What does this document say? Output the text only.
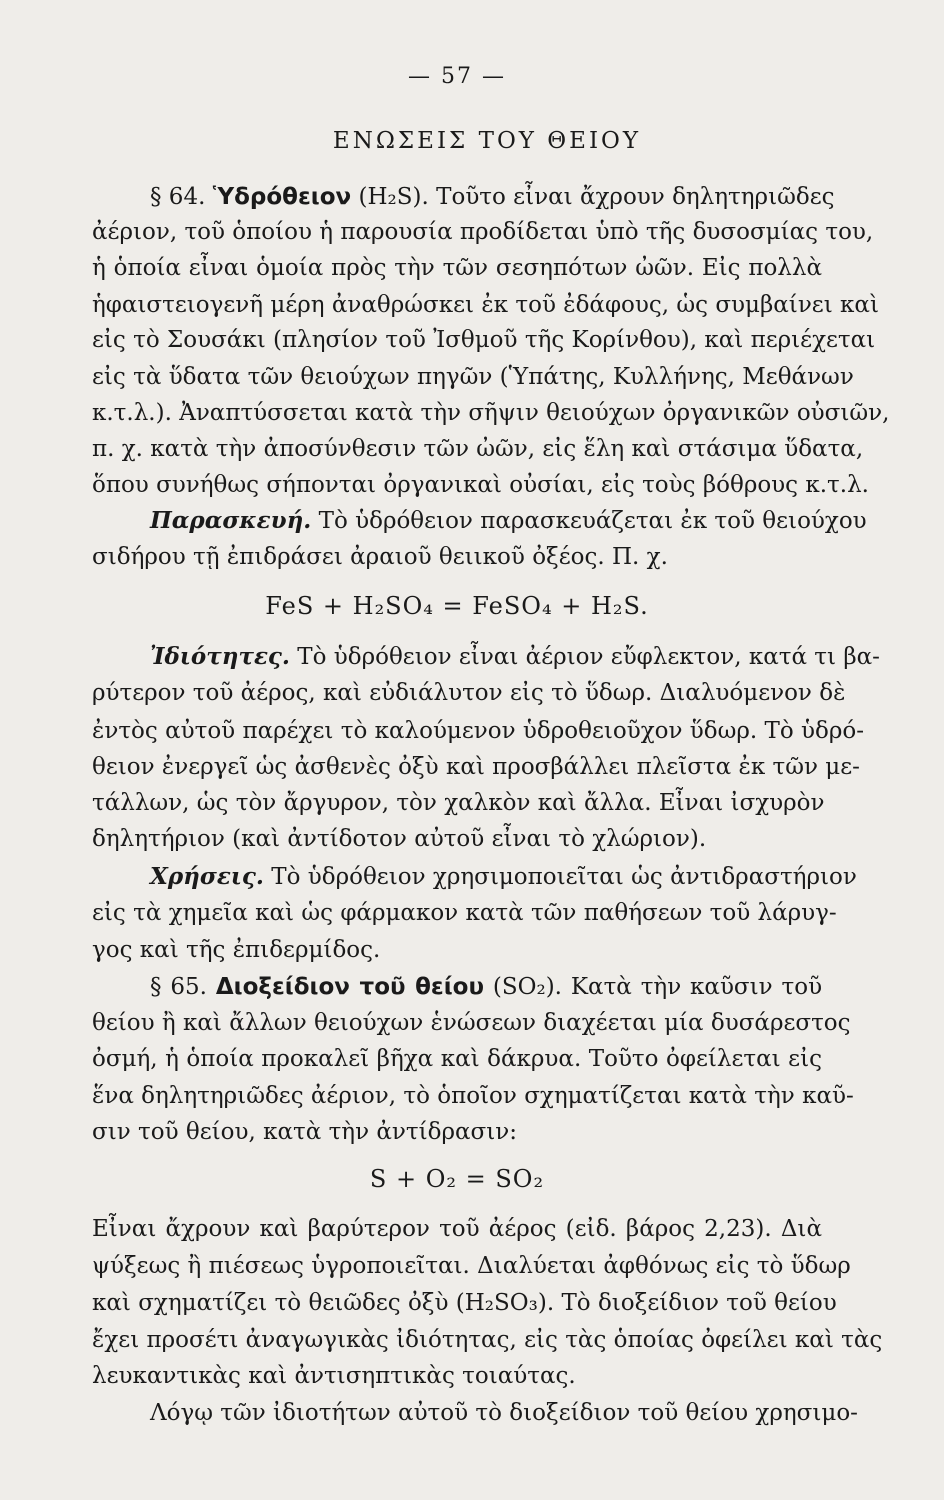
— 57 —
ΕΝΩΣΕΙΣ ΤΟΥ ΘΕΙΟΥ
§ 64. Ὑδρόθειον (H₂S). Τοῦτο εἶναι ἄχρουν δηλητηριῶδες
ἀέριον, τοῦ ὁποίου ἡ παρουσία προδίδεται ὑπὸ τῆς δυσοσμίας του,
ἡ ὁποία εἶναι ὁμοία πρὸς τὴν τῶν σεσηπότων ὠῶν. Εἰς πολλὰ
ἡφαιστειογενῆ μέρη ἀναθρώσκει ἐκ τοῦ ἐδάφους, ὡς συμβαίνει καὶ
εἰς τὸ Σουσάκι (πλησίον τοῦ Ἰσθμοῦ τῆς Κορίνθου), καὶ περιέχεται
εἰς τὰ ὕδατα τῶν θειούχων πηγῶν (Ὑπάτης, Κυλλήνης, Μεθάνων
κ.τ.λ.). Ἀναπτύσσεται κατὰ τὴν σῆψιν θειούχων ὀργανικῶν οὐσιῶν,
π. χ. κατὰ τὴν ἀποσύνθεσιν τῶν ὠῶν, εἰς ἕλη καὶ στάσιμα ὕδατα,
ὅπου συνήθως σήπονται ὀργανικαὶ οὐσίαι, εἰς τοὺς βόθρους κ.τ.λ.
Παρασκευή. Τὸ ὑδρόθειον παρασκευάζεται ἐκ τοῦ θειούχου
σιδήρου τῇ ἐπιδράσει ἀραιοῦ θειικοῦ ὀξέος. Π. χ.
FeS + H₂SO₄ = FeSO₄ + H₂S.
Ἰδιότητες. Τὸ ὑδρόθειον εἶναι ἀέριον εὔφλεκτον, κατά τι βα-
ρύτερον τοῦ ἀέρος, καὶ εὐδιάλυτον εἰς τὸ ὕδωρ. Διαλυόμενον δὲ
ἐντὸς αὐτοῦ παρέχει τὸ καλούμενον ὑδροθειοῦχον ὕδωρ. Τὸ ὑδρό-
θειον ἐνεργεῖ ὡς ἀσθενὲς ὀξὺ καὶ προσβάλλει πλεῖστα ἐκ τῶν με-
τάλλων, ὡς τὸν ἄργυρον, τὸν χαλκὸν καὶ ἄλλα. Εἶναι ἰσχυρὸν
δηλητήριον (καὶ ἀντίδοτον αὐτοῦ εἶναι τὸ χλώριον).
Χρήσεις. Τὸ ὑδρόθειον χρησιμοποιεῖται ὡς ἀντιδραστήριον
εἰς τὰ χημεῖα καὶ ὡς φάρμακον κατὰ τῶν παθήσεων τοῦ λάρυγ-
γος καὶ τῆς ἐπιδερμίδος.
§ 65. Διοξείδιον τοῦ θείου (SO₂). Κατὰ τὴν καῦσιν τοῦ
θείου ἢ καὶ ἄλλων θειούχων ἑνώσεων διαχέεται μία δυσάρεστος
ὀσμή, ἡ ὁποία προκαλεῖ βῆχα καὶ δάκρυα. Τοῦτο ὀφείλεται εἰς
ἕνα δηλητηριῶδες ἀέριον, τὸ ὁποῖον σχηματίζεται κατὰ τὴν καῦ-
σιν τοῦ θείου, κατὰ τὴν ἀντίδρασιν:
S + O₂ = SO₂
Εἶναι ἄχρουν καὶ βαρύτερον τοῦ ἀέρος (εἰδ. βάρος 2,23). Διὰ
ψύξεως ἢ πιέσεως ὑγροποιεῖται. Διαλύεται ἀφθόνως εἰς τὸ ὕδωρ
καὶ σχηματίζει τὸ θειῶδες ὀξὺ (H₂SO₃). Τὸ διοξείδιον τοῦ θείου
ἔχει προσέτι ἀναγωγικὰς ἰδιότητας, εἰς τὰς ὁποίας ὀφείλει καὶ τὰς
λευκαντικὰς καὶ ἀντισηπτικὰς τοιαύτας.
Λόγῳ τῶν ἰδιοτήτων αὐτοῦ τὸ διοξείδιον τοῦ θείου χρησιμο-
